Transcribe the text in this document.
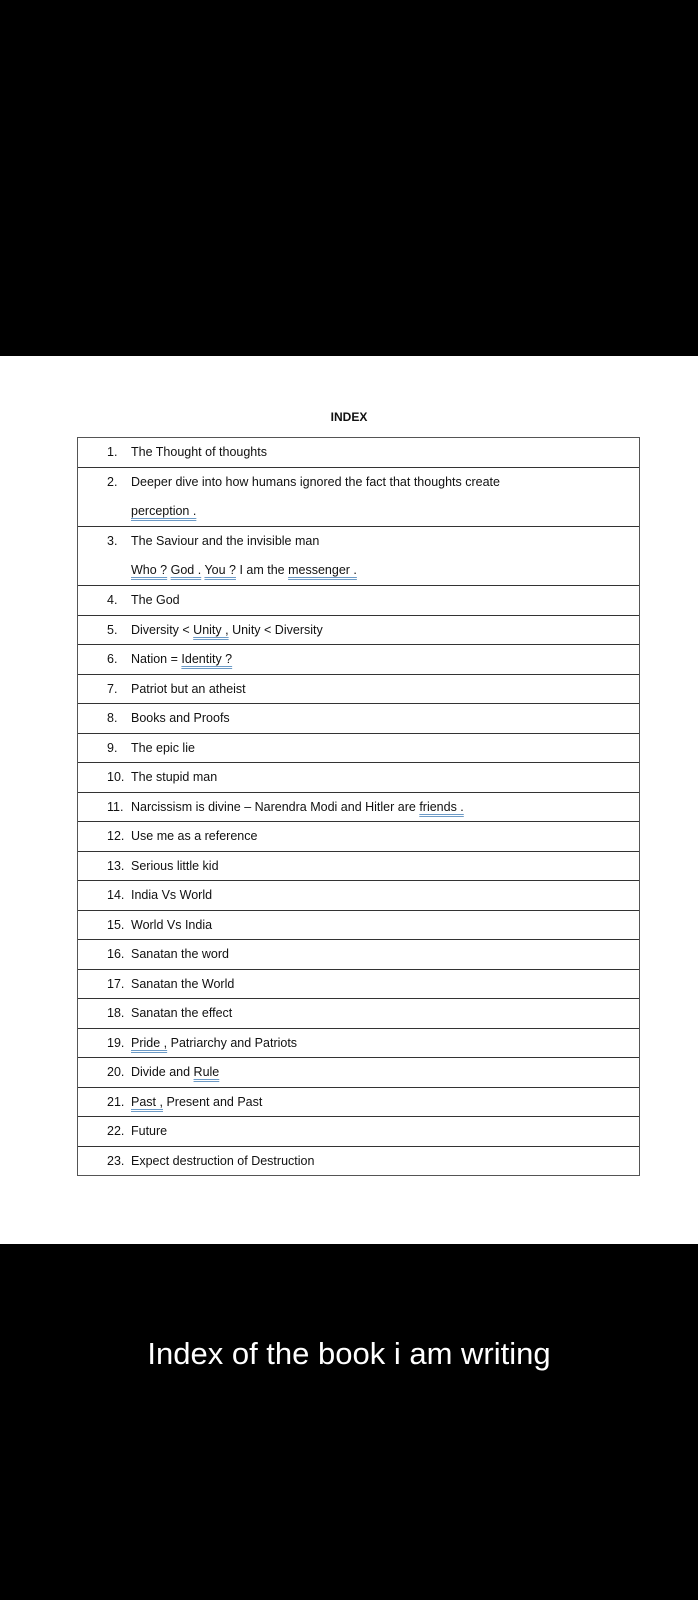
INDEX
1. The Thought of thoughts
2. Deeper dive into how humans ignored the fact that thoughts create
perception .
3. The Saviour and the invisible man
Who ? God . You ? I am the messenger .
4. The God
5. Diversity < Unity , Unity < Diversity
6. Nation = Identity ?
7. Patriot but an atheist
8. Books and Proofs
9. The epic lie
10. The stupid man
11. Narcissism is divine – Narendra Modi and Hitler are friends .
12. Use me as a reference
13. Serious little kid
14. India Vs World
15. World Vs India
16. Sanatan the word
17. Sanatan the World
18. Sanatan the effect
19. Pride , Patriarchy and Patriots
20. Divide and Rule
21. Past , Present and Past
22. Future
23. Expect destruction of Destruction
Index of the book i am writing
